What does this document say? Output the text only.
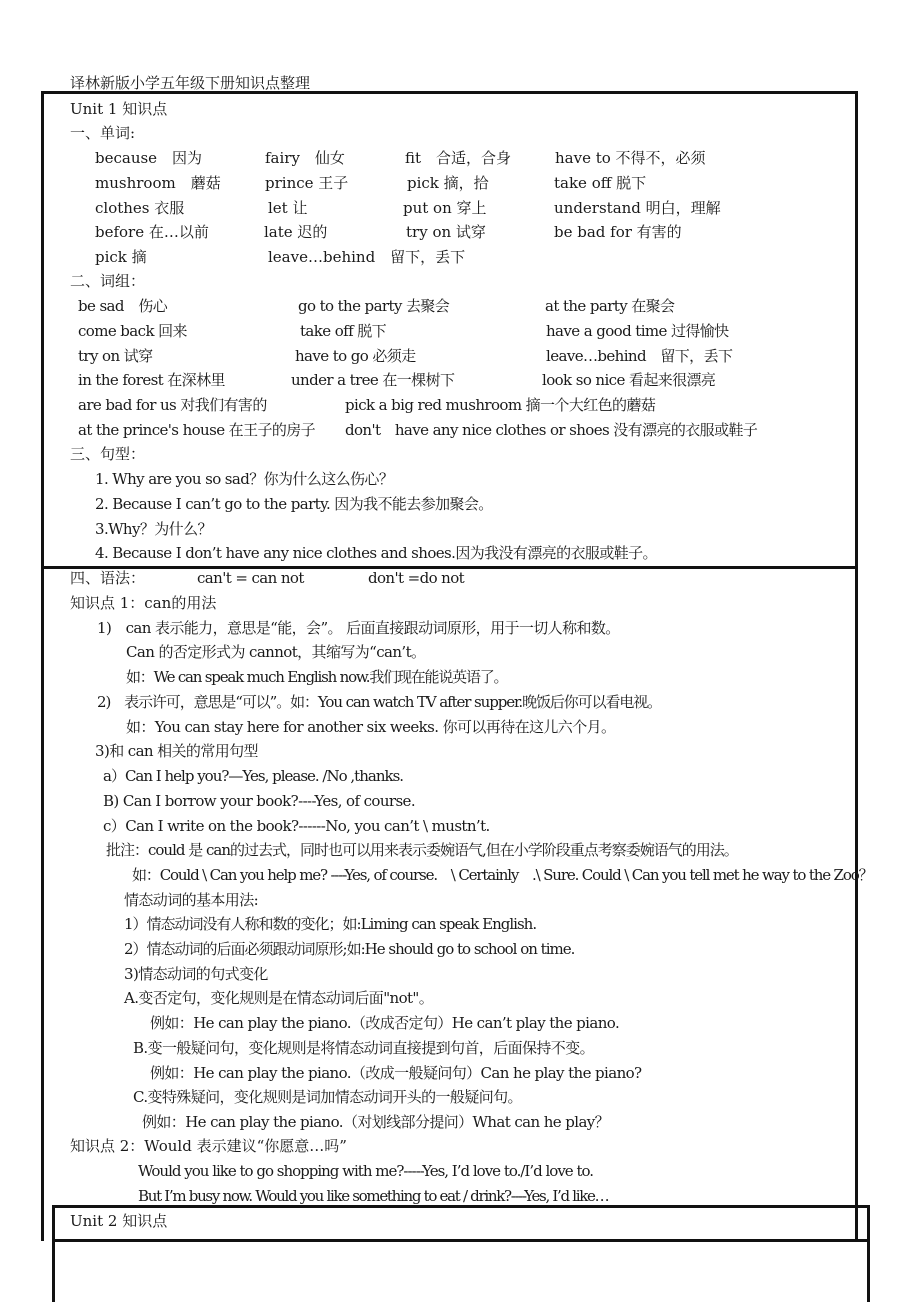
译林新版小学五年级下册知识点整理
Unit 1 知识点
一、单词:
because　因为	fairy　仙女	fit　合适，合身	have to 不得不，必须
mushroom　蘑菇	prince 王子	pick 摘，拾	take off 脱下
clothes 衣服	let 让	put on 穿上	understand 明白，理解
before 在…以前	late 迟的	try on 试穿	be bad for 有害的
pick 摘	leave…behind　留下，丢下
二、词组：
be sad　伤心	go to the party 去聚会	at the party 在聚会
come back 回来	take off 脱下	have a good time 过得愉快
try on 试穿	have to go 必须走	leave…behind　留下，丢下
in the forest 在深林里	under a tree 在一棵树下	look so nice 看起来很漂亮
are bad for us 对我们有害的	pick a big red mushroom 摘一个大红色的蘑菇
at the prince's house 在王子的房子 don't　have any nice clothes or shoes 没有漂亮的衣服或鞋子
三、句型：
1. Why are you so sad？你为什么这么伤心？
2. Because I can’t go to the party. 因为我不能去参加聚会。
3.Why？为什么？
4. Because I don’t have any nice clothes and shoes.因为我没有漂亮的衣服或鞋子。
四、语法：	can't = can not	don't =do not
知识点 1：can的用法
1)　can 表示能力，意思是“能，会”。 后面直接跟动词原形，用于一切人称和数。
Can 的否定形式为 cannot，其缩写为“can’t。
如：We can speak much English now.我们现在能说英语了。
2)　表示许可，意思是“可以”。如：You can watch TV after supper.晚饭后你可以看电视。
如：You can stay here for another six weeks. 你可以再待在这儿六个月。
3)和 can 相关的常用句型
a）Can I help you?—Yes, please. /No ,thanks.
B) Can I borrow your book?----Yes, of course.
c）Can I write on the book?------No, you can’t \ mustn’t.
批注：could 是 can的过去式，同时也可以用来表示委婉语气,但在小学阶段重点考察委婉语气的用法。
如：Could \ Can you help me? ----Yes, of course.　\ Certainly　.\ Sure. Could \ Can you tell met he way to the Zoo？
情态动词的基本用法:
1）情态动词没有人称和数的变化；如:Liming can speak English.
2）情态动词的后面必须跟动词原形;如:He should go to school on time.
3)情态动词的句式变化
A.变否定句，变化规则是在情态动词后面"not"。
例如：He can play the piano.（改成否定句）He can’t play the piano.
B.变一般疑问句，变化规则是将情态动词直接提到句首，后面保持不变。
例如：He can play the piano.（改成一般疑问句）Can he play the piano?
C.变特殊疑问，变化规则是词加情态动词开头的一般疑问句。
例如：He can play the piano.（对划线部分提问）What can he play？
知识点 2：Would 表示建议“你愿意…吗”
Would you like to go shopping with me?-----Yes, I’d love to./I’d love to.
But I’m busy now. Would you like something to eat / drink?----Yes, I’d like…
Unit 2 知识点
